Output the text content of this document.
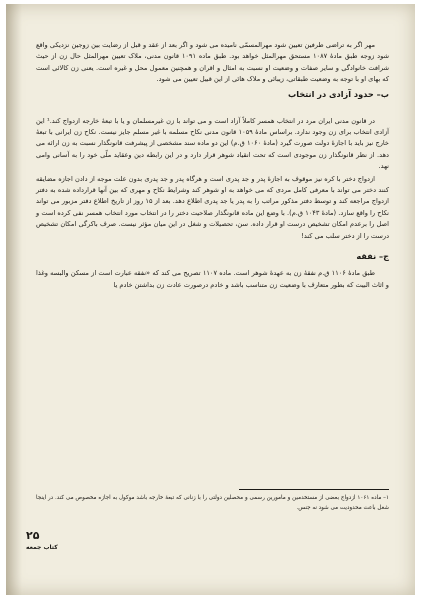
مهر اگر به تراضی طرفین تعیین شود مهرالمسمّی نامیده می شود و اگر بعد از عقد و قبل از رضایت بین زوجین نزدیکی واقع شود زوجه طبق مادهٔ ۱۰۸۷ مستحق مهرالمثل خواهد بود. طبق ماده ۱۰۹۱ قانون مدنی، ملاک تعیین مهرالمثل حال زن از حیث شرافت خانوادگی و سایر صفات و وضعیت او نسبت به امثال و اقران و همچنین معمول محل و غیره است. یعنی زن کالائی است که بهای او با توجه به وضعیت طبقاتی، زیبائی و ملاک هائی از این قبیل تعیین می شود.

ب– حدود آزادی در انتخاب

در قانون مدنی ایران مرد در انتخاب همسر کاملاً آزاد است و می تواند با زن غیرمسلمان و یا با تبعهٔ خارجه ازدواج کند.¹ این آزادی انتخاب برای زن وجود ندارد. براساس مادهٔ ۱۰۵۹ قانون مدنی نکاح مسلمه با غیر مسلم جایز نیست. نکاح زن ایرانی با تبعهٔ خارج نیز باید با اجازهٔ دولت صورت گیرد (مادهٔ ۱۰۶۰ ق.م) این دو ماده سند مشخصی از پیشرفت قانونگذار نسبت به زن ارائه می دهد. از نظر قانونگذار زن موجودی است که تحت انقیاد شوهر قرار دارد و در این رابطه دین وعقاید ملّی خود را به آسانی وامی نهد.

ازدواج دختر با کره نیز موقوف به اجازهٔ پدر و جد پدری است و هرگاه پدر و جد پدری بدون علت موجه از دادن اجازه مضایقه کنند دختر می تواند با معرفی کامل مردی که می خواهد به او شوهر کند وشرایط نکاح و مهری که بین آنها قرارداده شده به دفتر ازدواج مراجعه کند و توسط دفتر مذکور مراتب را به پدر یا جد پدری اطلاع دهد. بعد از ۱۵ روز از تاریخ اطلاع دفتر مزبور می تواند نکاح را واقع سازد. (مادهٔ ۱۰۴۳ ق.م). با وضع این ماده قانونگذار صلاحیت دختر را در انتخاب مورد انتخاب همسر نفی کرده است و اصل را برعدم امکان تشخیص درست او قرار داده. سن، تحصیلات و شغل در این میان مؤثر نیست. صرف باکرگی امکان تشخیص درست را از دختر سلب می کند!

ج– نفقه

طبق مادهٔ ۱۱۰۶ ق.م نفقهٔ زن به عهدهٔ شوهر است. ماده ۱۱۰۷ تصریح می کند که «نفقه عبارت است از مسکن والبسه وغذا و اثاث البیت که بطور متعارف با وضعیت زن متناسب باشد و خادم درصورت عادت زن بداشتن خادم یا

۱– ماده ۱۰۶۱ ازدواج بعضی از مستخدمین و مامورین رسمی و محصلین دولتی را با زنانی که تبعهٔ خارجه باشد موکول به اجازه مخصوص می کند. در اینجا شغل باعث محدودیت می شود نه جنس.

۲۵
کتاب جمعه
